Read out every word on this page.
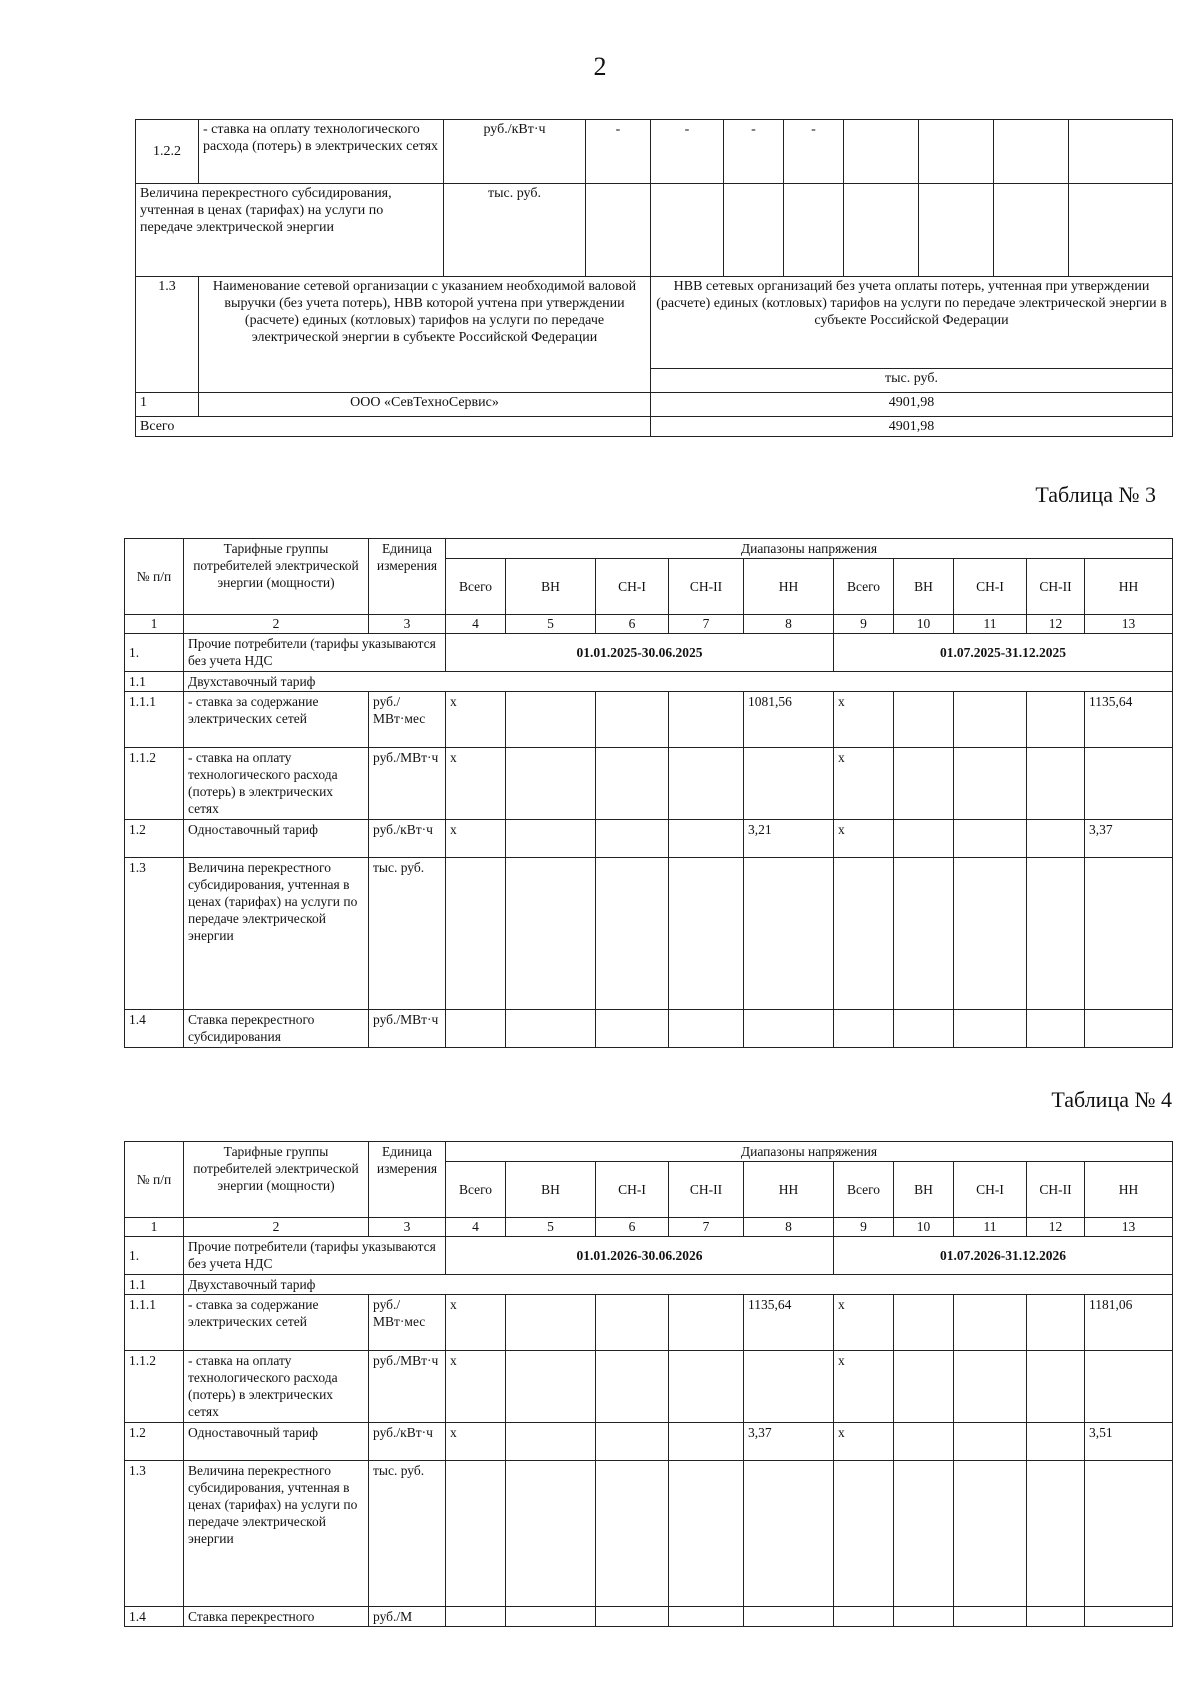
2
1.2.2	- ставка на оплату технологического расхода (потерь) в электрических сетях	руб./кВт·ч	-	-	-	-				
Величина перекрестного субсидирования, учтенная в ценах (тарифах) на услуги по передаче электрической энергии		тыс. руб.								
1.3	Наименование сетевой организации с указанием необходимой валовой выручки (без учета потерь), НВВ которой учтена при утверждении (расчете) единых (котловых) тарифов на услуги по передаче электрической энергии в субъекте Российской Федерации			НВВ сетевых организаций без учета оплаты потерь, учтенная при утверждении (расчете) единых (котловых) тарифов на услуги по передаче электрической энергии в субъекте Российской Федерации						
				тыс. руб.						
1	ООО «СевТехноСервис»			4901,98						
Всего				4901,98						
Таблица № 3
№ п/п	Тарифные группы потребителей электрической энергии (мощности)	Единица измерения	Диапазоны напряжения									
			Всего	ВН	СН-I	СН-II	НН	Всего	ВН	СН-I	СН-II	НН
1	2	3	4	5	6	7	8	9	10	11	12	13
1.	Прочие потребители (тарифы указываются без учета НДС		01.01.2025-30.06.2025					01.07.2025-31.12.2025				
1.1	Двухставочный тариф											
1.1.1	- ставка за содержание электрических сетей	руб./МВт·мес	х				1081,56	х				1135,64
1.1.2	- ставка на оплату технологического расхода (потерь) в электрических сетях	руб./МВт·ч	х					х				
1.2	Одноставочный тариф	руб./кВт·ч	х				3,21	х				3,37
1.3	Величина перекрестного субсидирования, учтенная в ценах (тарифах) на услуги по передаче электрической энергии	тыс. руб.										
1.4	Ставка перекрестного субсидирования	руб./МВт·ч										
Таблица № 4
№ п/п	Тарифные группы потребителей электрической энергии (мощности)	Единица измерения	Диапазоны напряжения									
			Всего	ВН	СН-I	СН-II	НН	Всего	ВН	СН-I	СН-II	НН
1	2	3	4	5	6	7	8	9	10	11	12	13
1.	Прочие потребители (тарифы указываются без учета НДС		01.01.2026-30.06.2026					01.07.2026-31.12.2026				
1.1	Двухставочный тариф											
1.1.1	- ставка за содержание электрических сетей	руб./МВт·мес	х				1135,64	х				1181,06
1.1.2	- ставка на оплату технологического расхода (потерь) в электрических сетях	руб./МВт·ч	х					х				
1.2	Одноставочный тариф	руб./кВт·ч	х				3,37	х				3,51
1.3	Величина перекрестного субсидирования, учтенная в ценах (тарифах) на услуги по передаче электрической энергии	тыс. руб.										
1.4	Ставка перекрестного	руб./М										
